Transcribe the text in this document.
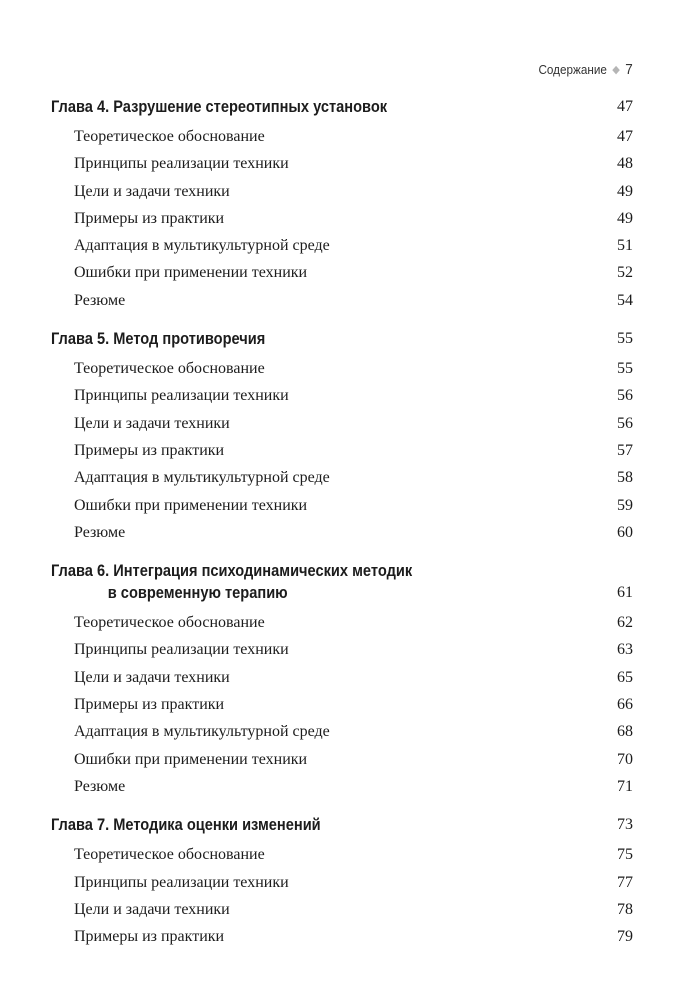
Содержание ◆ 7
Глава 4. Разрушение стереотипных установок	47
Теоретическое обоснование	47
Принципы реализации техники	48
Цели и задачи техники	49
Примеры из практики	49
Адаптация в мультикультурной среде	51
Ошибки при применении техники	52
Резюме	54
Глава 5. Метод противоречия	55
Теоретическое обоснование	55
Принципы реализации техники	56
Цели и задачи техники	56
Примеры из практики	57
Адаптация в мультикультурной среде	58
Ошибки при применении техники	59
Резюме	60
Глава 6. Интеграция психодинамических методик
в современную терапию	61
Теоретическое обоснование	62
Принципы реализации техники	63
Цели и задачи техники	65
Примеры из практики	66
Адаптация в мультикультурной среде	68
Ошибки при применении техники	70
Резюме	71
Глава 7. Методика оценки изменений	73
Теоретическое обоснование	75
Принципы реализации техники	77
Цели и задачи техники	78
Примеры из практики	79
